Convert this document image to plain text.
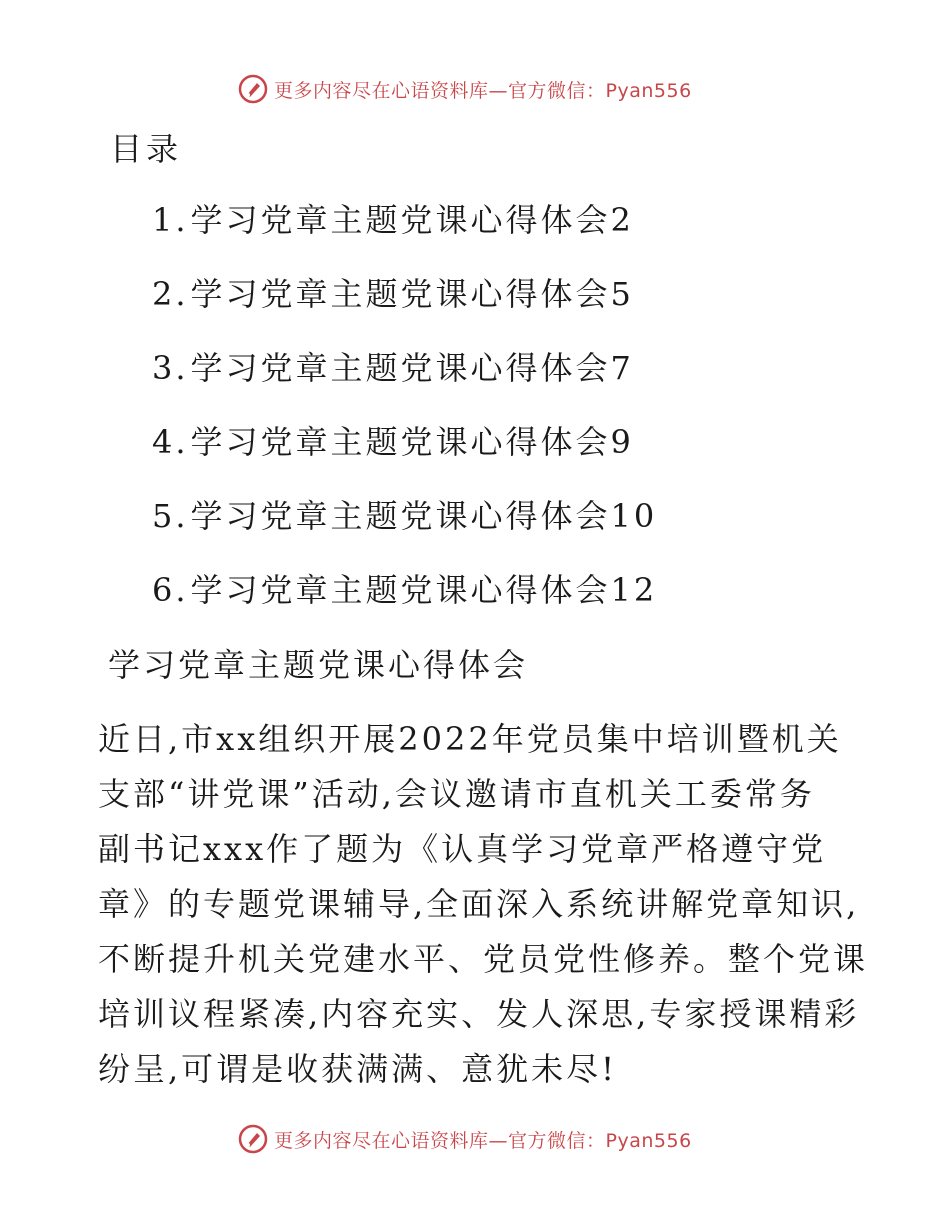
更多内容尽在心语资料库—官方微信：Pyan556
目录
1. 学习党章主题党课心得体会 2
2. 学习党章主题党课心得体会 5
3. 学习党章主题党课心得体会 7
4. 学习党章主题党课心得体会 9
5. 学习党章主题党课心得体会 10
6. 学习党章主题党课心得体会 12
学习党章主题党课心得体会
近日,市xx组织开展2022年党员集中培训暨机关
支部“讲党课”活动,会议邀请市直机关工委常务
副书记xxx作了题为《认真学习党章严格遵守党
章》的专题党课辅导,全面深入系统讲解党章知识,
不断提升机关党建水平、党员党性修养。整个党课
培训议程紧凑,内容充实、发人深思,专家授课精彩
纷呈,可谓是收获满满、意犹未尽!
更多内容尽在心语资料库—官方微信：Pyan556
